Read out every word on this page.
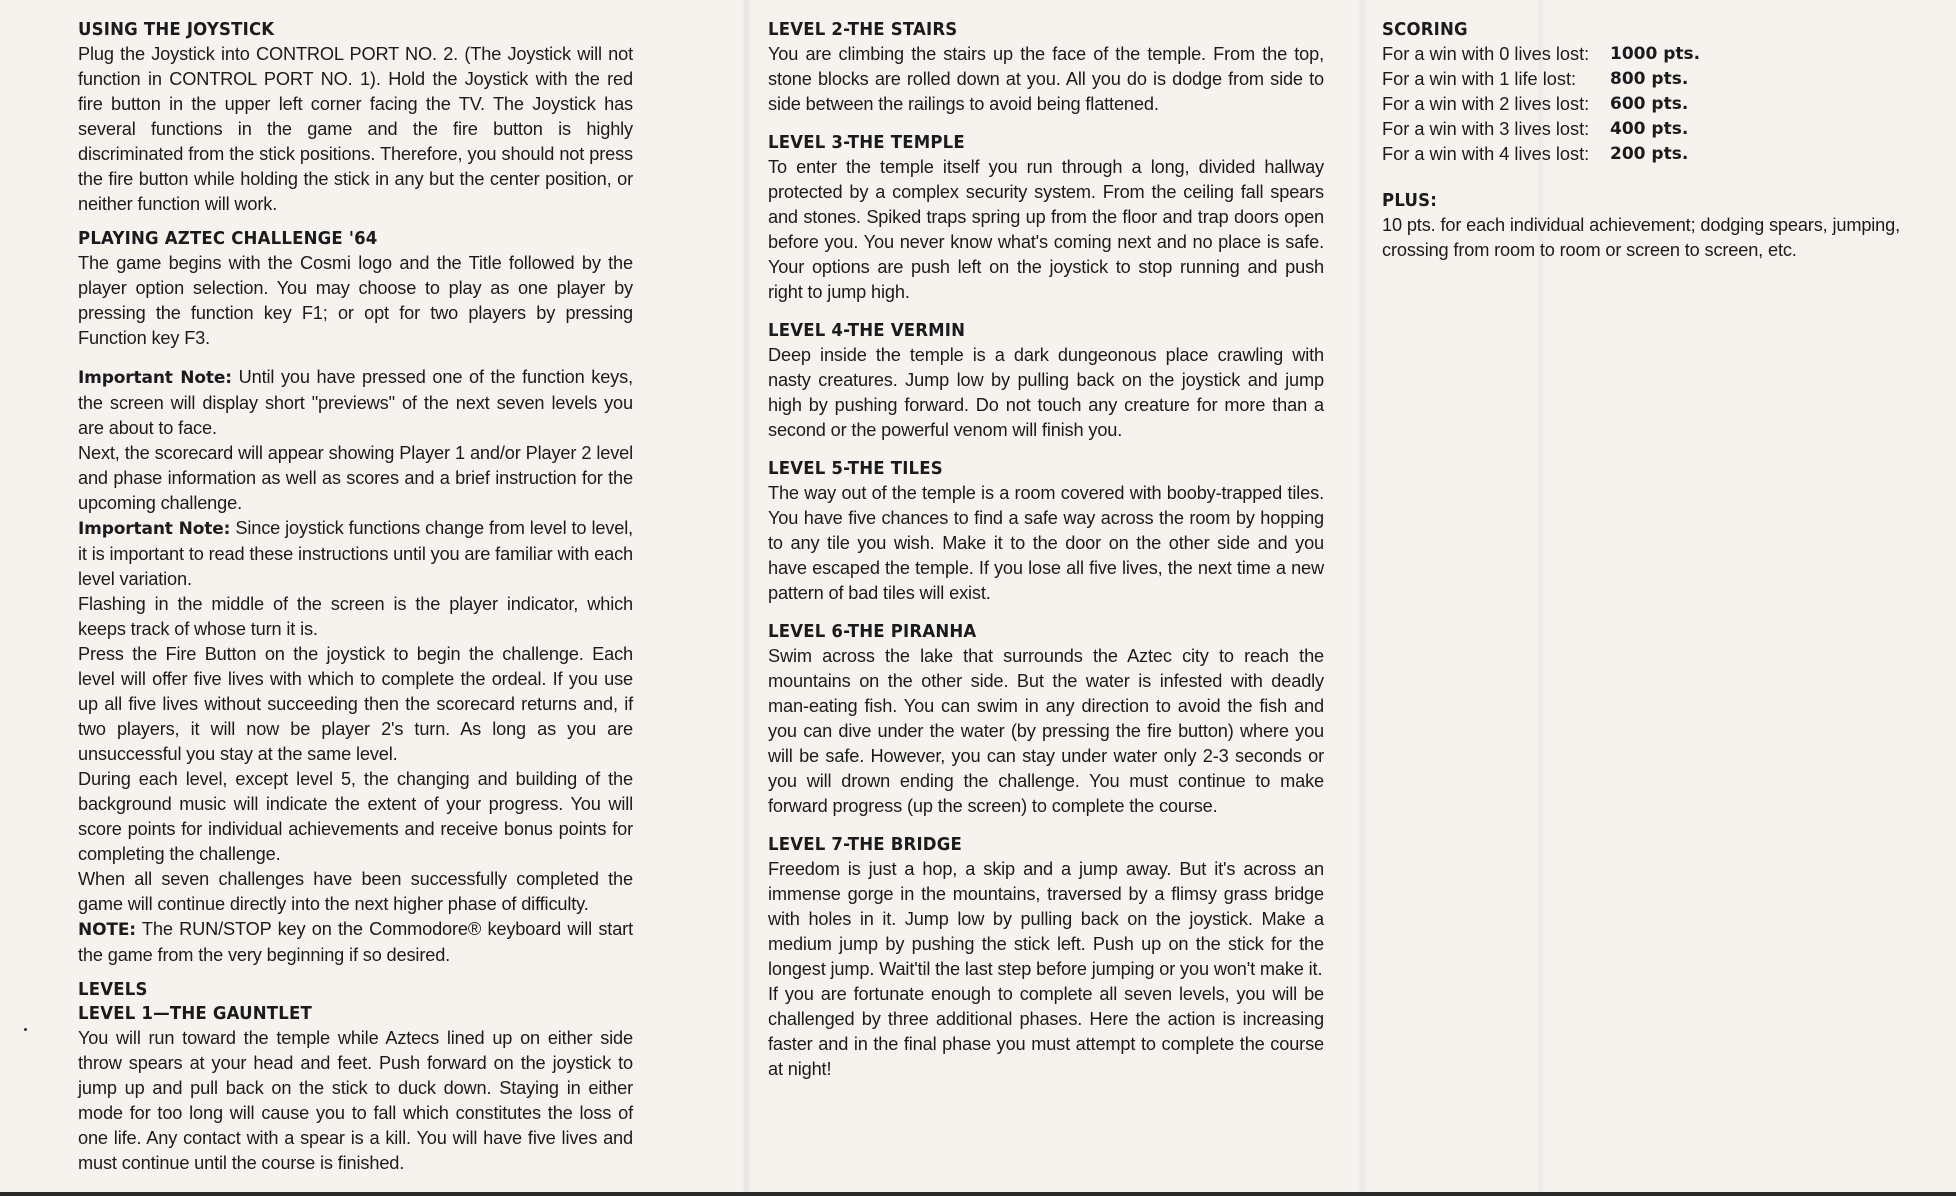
USING THE JOYSTICK

Plug the Joystick into CONTROL PORT NO. 2. (The Joystick will not function in CONTROL PORT NO. 1). Hold the Joystick with the red fire button in the upper left corner facing the TV. The Joystick has several functions in the game and the fire button is highly discriminated from the stick positions. Therefore, you should not press the fire button while holding the stick in any but the center position, or neither function will work.

PLAYING AZTEC CHALLENGE '64

The game begins with the Cosmi logo and the Title followed by the player option selection. You may choose to play as one player by pressing the function key F1; or opt for two players by pressing Function key F3.

Important Note: Until you have pressed one of the function keys, the screen will display short "previews" of the next seven levels you are about to face.

Next, the scorecard will appear showing Player 1 and/or Player 2 level and phase information as well as scores and a brief instruction for the upcoming challenge.

Important Note: Since joystick functions change from level to level, it is important to read these instructions until you are familiar with each level variation.

Flashing in the middle of the screen is the player indicator, which keeps track of whose turn it is.

Press the Fire Button on the joystick to begin the challenge. Each level will offer five lives with which to complete the ordeal. If you use up all five lives without succeeding then the scorecard returns and, if two players, it will now be player 2's turn. As long as you are unsuccessful you stay at the same level.

During each level, except level 5, the changing and building of the background music will indicate the extent of your progress. You will score points for individual achievements and receive bonus points for completing the challenge.

When all seven challenges have been successfully completed the game will continue directly into the next higher phase of difficulty.

NOTE: The RUN/STOP key on the Commodore® keyboard will start the game from the very beginning if so desired.

LEVELS
LEVEL 1—THE GAUNTLET

You will run toward the temple while Aztecs lined up on either side throw spears at your head and feet. Push forward on the joystick to jump up and pull back on the stick to duck down. Staying in either mode for too long will cause you to fall which constitutes the loss of one life. Any contact with a spear is a kill. You will have five lives and must continue until the course is finished.

LEVEL 2-THE STAIRS

You are climbing the stairs up the face of the temple. From the top, stone blocks are rolled down at you. All you do is dodge from side to side between the railings to avoid being flattened.

LEVEL 3-THE TEMPLE

To enter the temple itself you run through a long, divided hallway protected by a complex security system. From the ceiling fall spears and stones. Spiked traps spring up from the floor and trap doors open before you. You never know what's coming next and no place is safe. Your options are push left on the joystick to stop running and push right to jump high.

LEVEL 4-THE VERMIN

Deep inside the temple is a dark dungeonous place crawling with nasty creatures. Jump low by pulling back on the joystick and jump high by pushing forward. Do not touch any creature for more than a second or the powerful venom will finish you.

LEVEL 5-THE TILES

The way out of the temple is a room covered with booby-trapped tiles. You have five chances to find a safe way across the room by hopping to any tile you wish. Make it to the door on the other side and you have escaped the temple. If you lose all five lives, the next time a new pattern of bad tiles will exist.

LEVEL 6-THE PIRANHA

Swim across the lake that surrounds the Aztec city to reach the mountains on the other side. But the water is infested with deadly man-eating fish. You can swim in any direction to avoid the fish and you can dive under the water (by pressing the fire button) where you will be safe. However, you can stay under water only 2-3 seconds or you will drown ending the challenge. You must continue to make forward progress (up the screen) to complete the course.

LEVEL 7-THE BRIDGE

Freedom is just a hop, a skip and a jump away. But it's across an immense gorge in the mountains, traversed by a flimsy grass bridge with holes in it. Jump low by pulling back on the joystick. Make a medium jump by pushing the stick left. Push up on the stick for the longest jump. Wait'til the last step before jumping or you won't make it.

If you are fortunate enough to complete all seven levels, you will be challenged by three additional phases. Here the action is increasing faster and in the final phase you must attempt to complete the course at night!

SCORING
For a win with 0 lives lost:	1000 pts.
For a win with 1 life lost:	800 pts.
For a win with 2 lives lost:	600 pts.
For a win with 3 lives lost:	400 pts.
For a win with 4 lives lost:	200 pts.
PLUS:

10 pts. for each individual achievement; dodging spears, jumping, crossing from room to room or screen to screen, etc.
